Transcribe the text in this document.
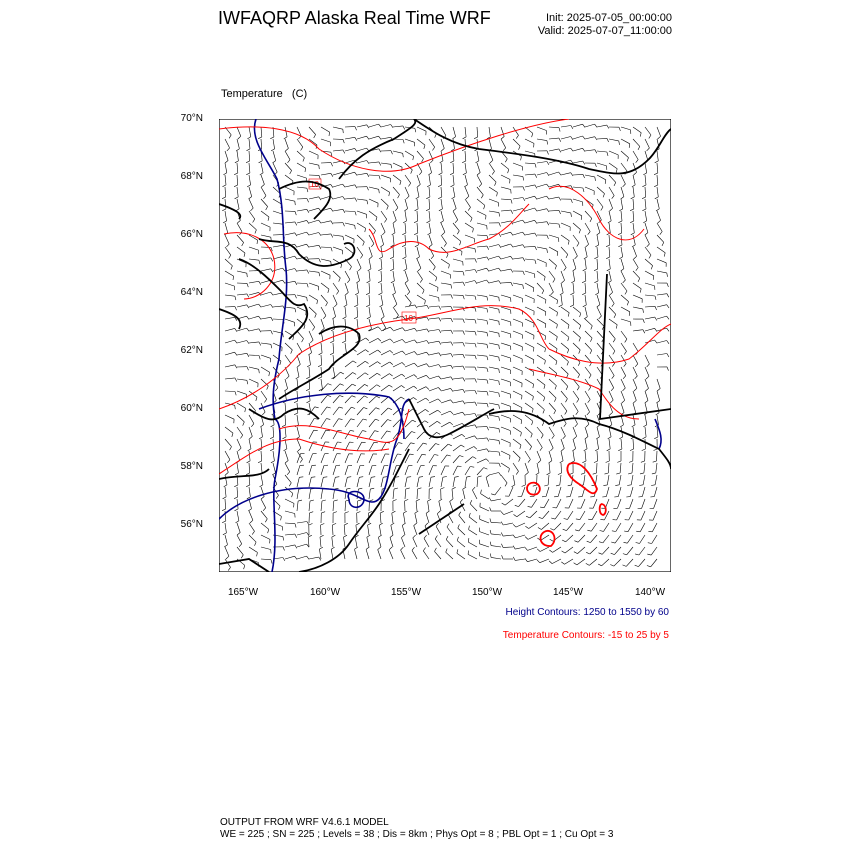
IWFAQRP Alaska Real Time WRF	Init: 2025-07-05_00:00:00
Valid: 2025-07-07_11:00:00

Temperature   (C)

70°N
68°N
66°N
64°N
62°N
60°N
58°N
56°N
165°W	160°W	155°W	150°W	145°W	140°W
10
10
Height Contours: 1250 to 1550 by 60
Temperature Contours: -15 to 25 by 5
OUTPUT FROM WRF V4.6.1 MODEL
WE = 225 ; SN = 225 ; Levels = 38 ; Dis = 8km ; Phys Opt = 8 ; PBL Opt = 1 ; Cu Opt = 3
